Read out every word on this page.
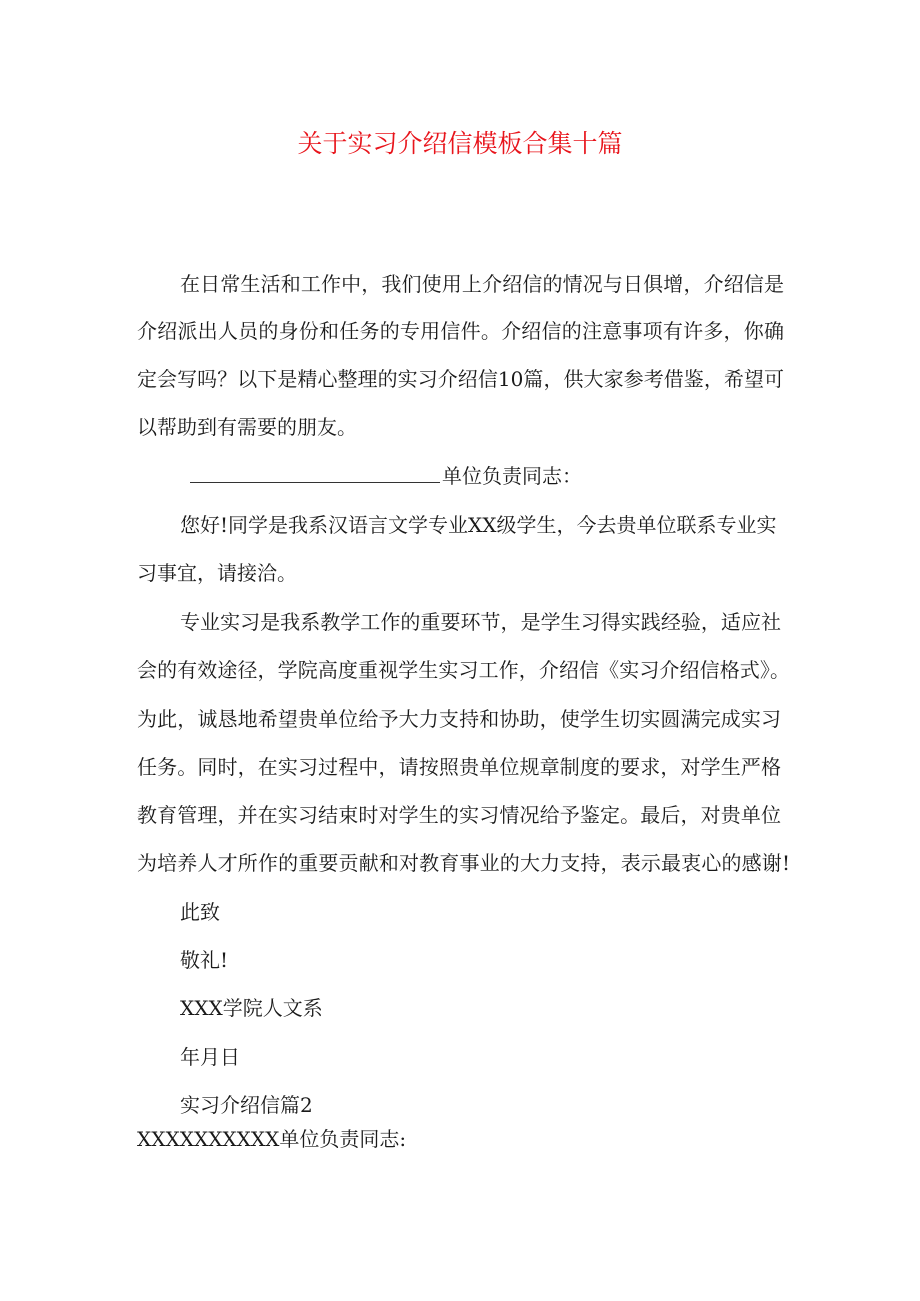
关于实习介绍信模板合集十篇
在日常生活和工作中，我们使用上介绍信的情况与日俱增，介绍信是
介绍派出人员的身份和任务的专用信件。介绍信的注意事项有许多，你确
定会写吗？以下是精心整理的实习介绍信10篇，供大家参考借鉴，希望可
以帮助到有需要的朋友。
单位负责同志：
您好!同学是我系汉语言文学专业XX级学生，今去贵单位联系专业实
习事宜，请接洽。
专业实习是我系教学工作的重要环节，是学生习得实践经验，适应社
会的有效途径，学院高度重视学生实习工作，介绍信《实习介绍信格式》。
为此，诚恳地希望贵单位给予大力支持和协助，使学生切实圆满完成实习
任务。同时，在实习过程中，请按照贵单位规章制度的要求，对学生严格
教育管理，并在实习结束时对学生的实习情况给予鉴定。最后，对贵单位
为培养人才所作的重要贡献和对教育事业的大力支持，表示最衷心的感谢!
此致
敬礼!
XXX学院人文系
年月日
实习介绍信篇2
XXXXXXXXXX单位负责同志:
